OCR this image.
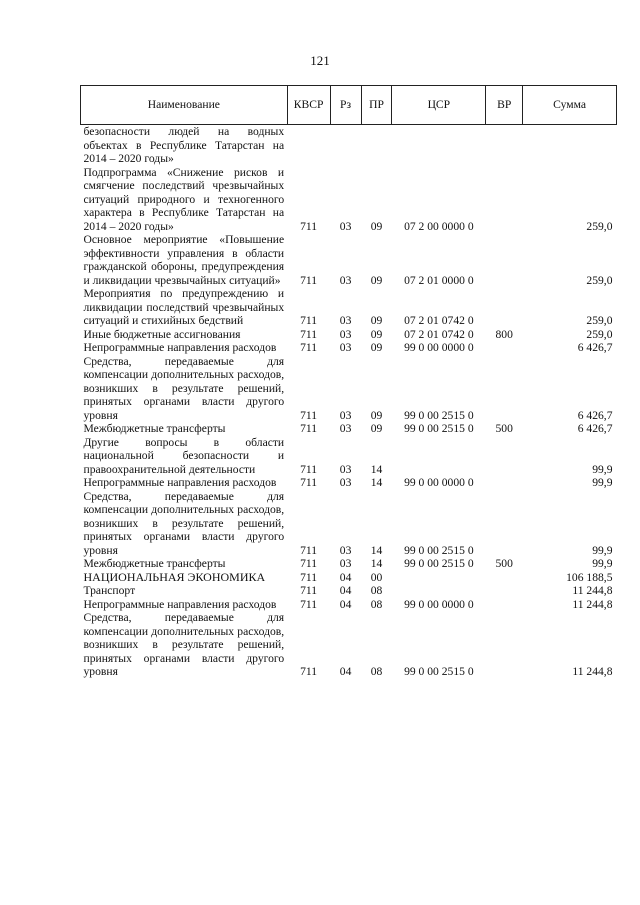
121
Наименование	КВСР	Рз	ПР	ЦСР	ВР	Сумма
безопасности людей на водных объектах в Республике Татарстан на 2014 – 2020 годы»						
Подпрограмма «Снижение рисков и смягчение последствий чрезвычайных ситуаций природного и техногенного характера в Республике Татарстан на 2014 – 2020 годы»	711	03	09	07 2 00 0000 0		259,0
Основное мероприятие «Повышение эффективности управления в области гражданской обороны, предупреждения и ликвидации чрезвычайных ситуаций»	711	03	09	07 2 01 0000 0		259,0
Мероприятия по предупреждению и ликвидации последствий чрезвычайных ситуаций и стихийных бедствий	711	03	09	07 2 01 0742 0		259,0
Иные бюджетные ассигнования	711	03	09	07 2 01 0742 0	800	259,0
Непрограммные направления расходов	711	03	09	99 0 00 0000 0		6 426,7
Средства, передаваемые для компенсации дополнительных расходов, возникших в результате решений, принятых органами власти другого уровня	711	03	09	99 0 00 2515 0		6 426,7
Межбюджетные трансферты	711	03	09	99 0 00 2515 0	500	6 426,7
Другие вопросы в области национальной безопасности и правоохранительной деятельности	711	03	14			99,9
Непрограммные направления расходов	711	03	14	99 0 00 0000 0		99,9
Средства, передаваемые для компенсации дополнительных расходов, возникших в результате решений, принятых органами власти другого уровня	711	03	14	99 0 00 2515 0		99,9
Межбюджетные трансферты	711	03	14	99 0 00 2515 0	500	99,9
НАЦИОНАЛЬНАЯ ЭКОНОМИКА	711	04	00			106 188,5
Транспорт	711	04	08			11 244,8
Непрограммные направления расходов	711	04	08	99 0 00 0000 0		11 244,8
Средства, передаваемые для компенсации дополнительных расходов, возникших в результате решений, принятых органами власти другого уровня	711	04	08	99 0 00 2515 0		11 244,8
